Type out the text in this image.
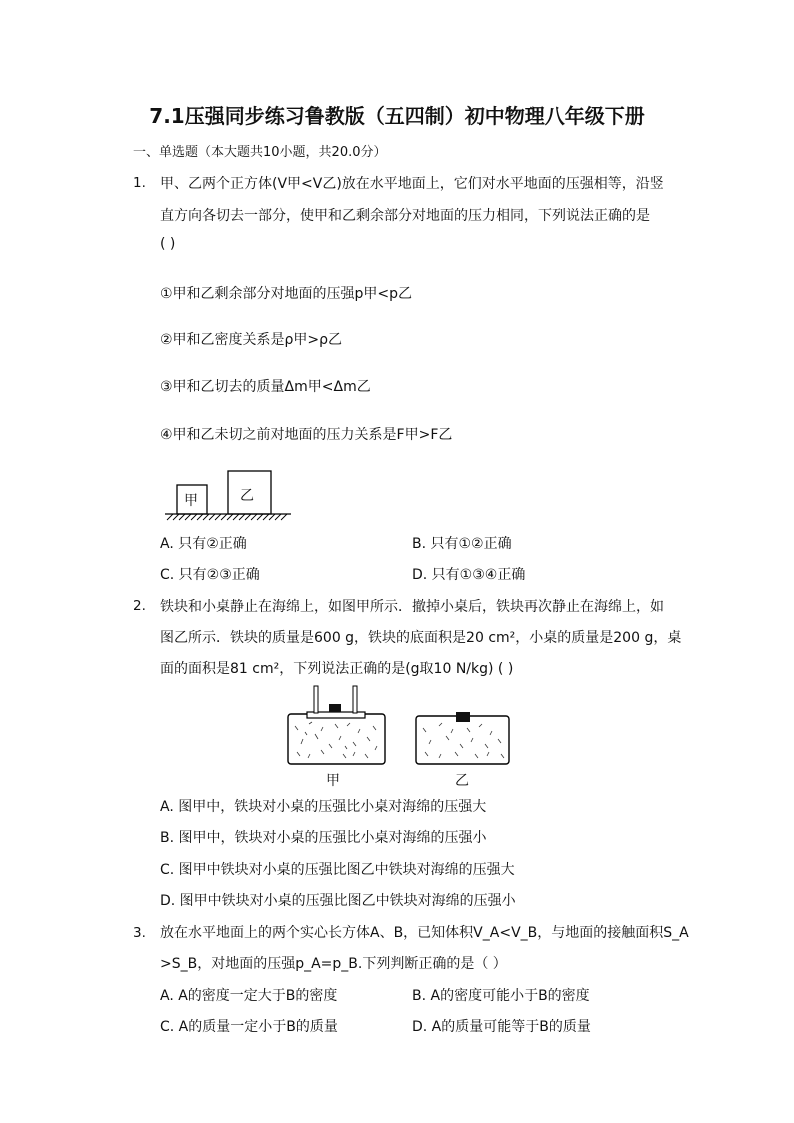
7.1压强同步练习鲁教版（五四制）初中物理八年级下册
一、单选题（本大题共10小题，共20.0分）
1. 甲、乙两个正方体(V甲<V乙)放在水平地面上，它们对水平地面的压强相等，沿竖
直方向各切去一部分，使甲和乙剩余部分对地面的压力相同，下列说法正确的是
( )
①甲和乙剩余部分对地面的压强p甲<p乙
②甲和乙密度关系是ρ甲>ρ乙
③甲和乙切去的质量Δm甲<Δm乙
④甲和乙未切之前对地面的压力关系是F甲>F乙
甲	乙
A. 只有②正确	B. 只有①②正确
C. 只有②③正确	D. 只有①③④正确
2. 铁块和小桌静止在海绵上，如图甲所示．撤掉小桌后，铁块再次静止在海绵上，如
图乙所示．铁块的质量是600 g，铁块的底面积是20 cm²，小桌的质量是200 g，桌
面的面积是81 cm²，下列说法正确的是(g取10 N/kg) ( )
甲	乙
A. 图甲中，铁块对小桌的压强比小桌对海绵的压强大
B. 图甲中，铁块对小桌的压强比小桌对海绵的压强小
C. 图甲中铁块对小桌的压强比图乙中铁块对海绵的压强大
D. 图甲中铁块对小桌的压强比图乙中铁块对海绵的压强小
3. 放在水平地面上的两个实心长方体A、B，已知体积V_A<V_B，与地面的接触面积S_A
>S_B，对地面的压强p_A=p_B.下列判断正确的是（ ）
A. A的密度一定大于B的密度	B. A的密度可能小于B的密度
C. A的质量一定小于B的质量	D. A的质量可能等于B的质量
